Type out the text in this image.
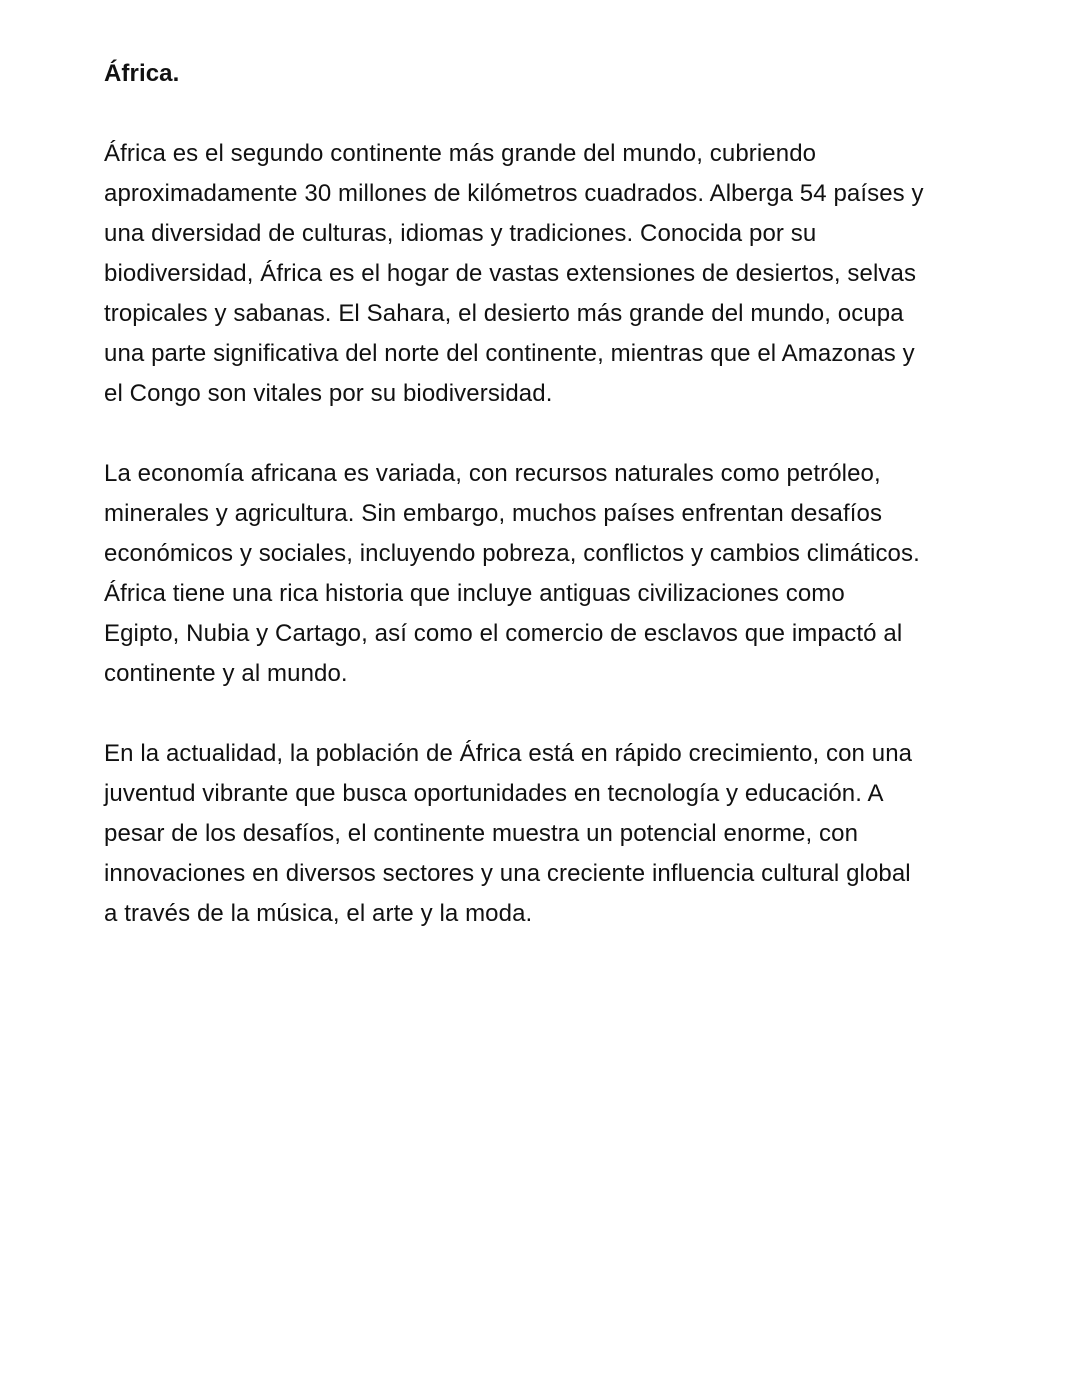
África.

África es el segundo continente más grande del mundo, cubriendo aproximadamente 30 millones de kilómetros cuadrados. Alberga 54 países y una diversidad de culturas, idiomas y tradiciones. Conocida por su biodiversidad, África es el hogar de vastas extensiones de desiertos, selvas tropicales y sabanas. El Sahara, el desierto más grande del mundo, ocupa una parte significativa del norte del continente, mientras que el Amazonas y el Congo son vitales por su biodiversidad.

La economía africana es variada, con recursos naturales como petróleo, minerales y agricultura. Sin embargo, muchos países enfrentan desafíos económicos y sociales, incluyendo pobreza, conflictos y cambios climáticos. África tiene una rica historia que incluye antiguas civilizaciones como Egipto, Nubia y Cartago, así como el comercio de esclavos que impactó al continente y al mundo.

En la actualidad, la población de África está en rápido crecimiento, con una juventud vibrante que busca oportunidades en tecnología y educación. A pesar de los desafíos, el continente muestra un potencial enorme, con innovaciones en diversos sectores y una creciente influencia cultural global a través de la música, el arte y la moda.
